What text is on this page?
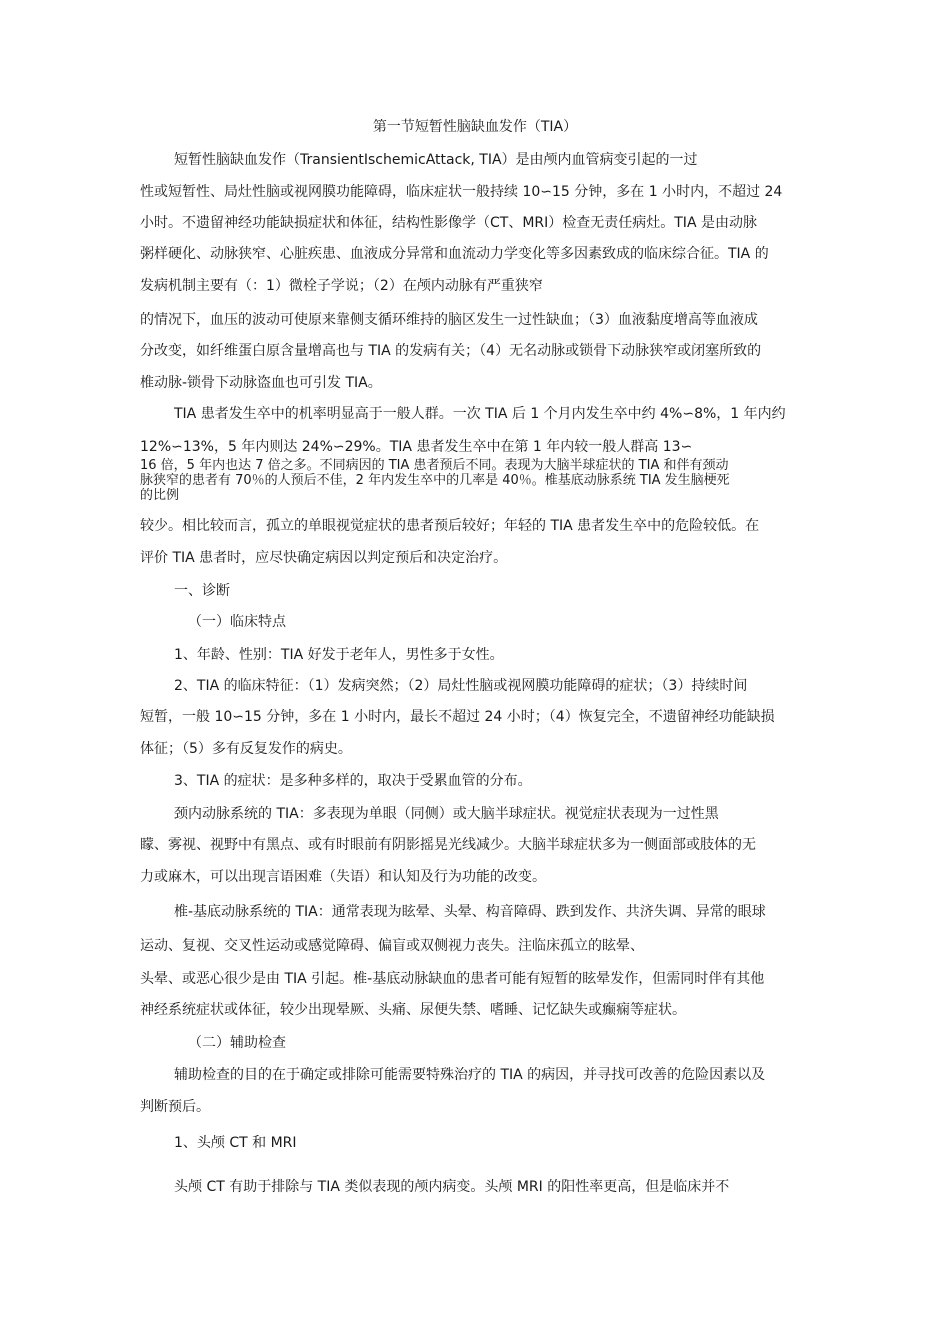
第一节短暂性脑缺血发作（TIA）
短暂性脑缺血发作（TransientIschemicAttack, TIA）是由颅内血管病变引起的一过
性或短暂性、局灶性脑或视网膜功能障碍，临床症状一般持续 10∽15 分钟，多在 1 小时内，不超过 24
小时。不遗留神经功能缺损症状和体征，结构性影像学（CT、MRI）检查无责任病灶。TIA 是由动脉
粥样硬化、动脉狭窄、心脏疾患、血液成分异常和血流动力学变化等多因素致成的临床综合征。TIA 的
发病机制主要有（：1）微栓子学说；（2）在颅内动脉有严重狭窄
的情况下，血压的波动可使原来靠侧支循环维持的脑区发生一过性缺血；（3）血液黏度增高等血液成
分改变，如纤维蛋白原含量增高也与 TIA 的发病有关；（4）无名动脉或锁骨下动脉狭窄或闭塞所致的
椎动脉-锁骨下动脉盗血也可引发 TIA。
TIA 患者发生卒中的机率明显高于一般人群。一次 TIA 后 1 个月内发生卒中约 4%∽8%，1 年内约
12%∽13%，5 年内则达 24%∽29%。TIA 患者发生卒中在第 1 年内较一般人群高 13∽
16 倍，5 年内也达 7 倍之多。不同病因的 TIA 患者预后不同。表现为大脑半球症状的 TIA 和伴有颈动
脉狭窄的患者有 70％的人预后不佳，2 年内发生卒中的几率是 40％。椎基底动脉系统 TIA 发生脑梗死
的比例
较少。相比较而言，孤立的单眼视觉症状的患者预后较好；年轻的 TIA 患者发生卒中的危险较低。在
评价 TIA 患者时，应尽快确定病因以判定预后和决定治疗。
一、诊断
（一）临床特点
1、年龄、性别：TIA 好发于老年人，男性多于女性。
2、TIA 的临床特征：（1）发病突然；（2）局灶性脑或视网膜功能障碍的症状；（3）持续时间
短暂，一般 10∽15 分钟，多在 1 小时内，最长不超过 24 小时；（4）恢复完全，不遗留神经功能缺损
体征；（5）多有反复发作的病史。
3、TIA 的症状：是多种多样的，取决于受累血管的分布。
颈内动脉系统的 TIA：多表现为单眼（同侧）或大脑半球症状。视觉症状表现为一过性黑
矇、雾视、视野中有黑点、或有时眼前有阴影摇晃光线减少。大脑半球症状多为一侧面部或肢体的无
力或麻木，可以出现言语困难（失语）和认知及行为功能的改变。
椎-基底动脉系统的 TIA：通常表现为眩晕、头晕、构音障碍、跌到发作、共济失调、异常的眼球
运动、复视、交叉性运动或感觉障碍、偏盲或双侧视力丧失。注临床孤立的眩晕、
头晕、或恶心很少是由 TIA 引起。椎-基底动脉缺血的患者可能有短暂的眩晕发作，但需同时伴有其他
神经系统症状或体征，较少出现晕厥、头痛、尿便失禁、嗜睡、记忆缺失或癫痫等症状。
（二）辅助检查
辅助检查的目的在于确定或排除可能需要特殊治疗的 TIA 的病因，并寻找可改善的危险因素以及
判断预后。
1、头颅 CT 和 MRI
头颅 CT 有助于排除与 TIA 类似表现的颅内病变。头颅 MRI 的阳性率更高，但是临床并不
